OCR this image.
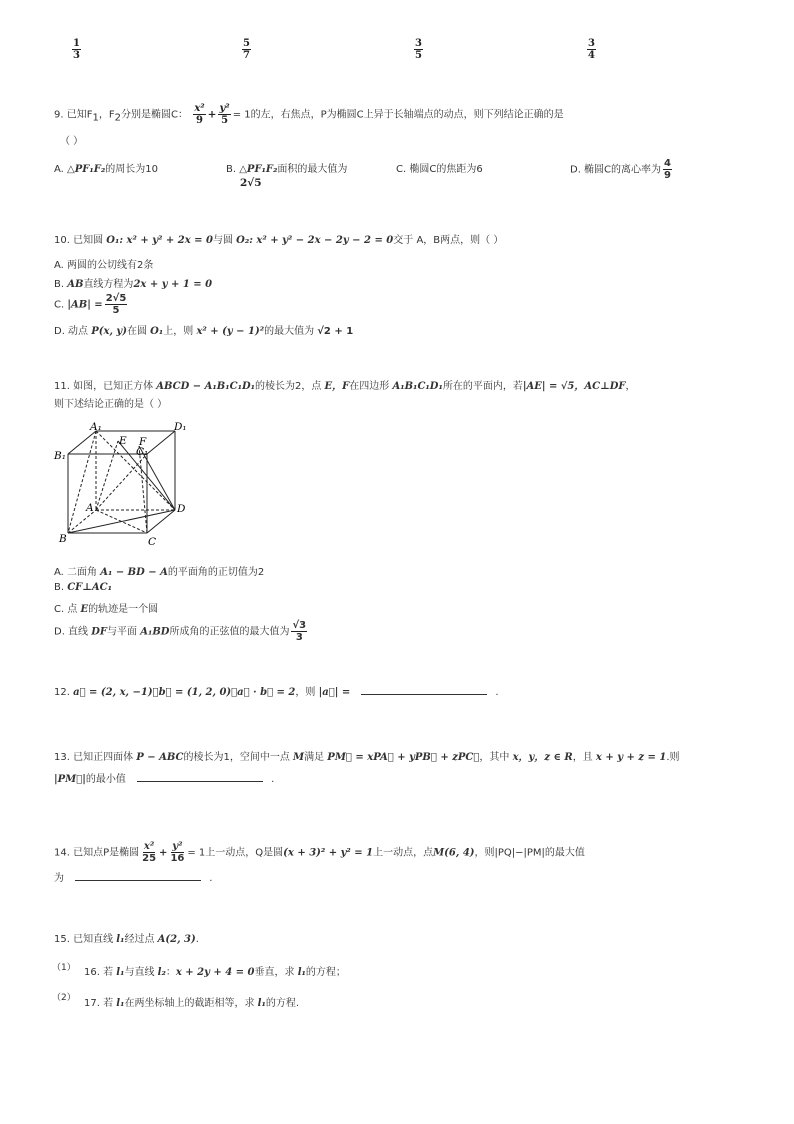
$\frac{1}{3}$	$\frac{5}{7}$	$\frac{3}{5}$	$\frac{3}{4}$
9. 已知$F_1$，$F_2$分别是椭圆C： $\frac{\text{x²}}{9} + \frac{\text{y²}}{5} = 1$的左，右焦点，P为椭圆C上异于长轴端点的动点，则下列结论正确的是
（ ）
A. △PF₁F₂的周长为10	B. △PF₁F₂面积的最大值为
2√5
C. 椭圆C的焦距为6	D. 椭圆C的离心率为 $\frac{4}{9}$
10. 已知圆 O₁: x² + y² + 2x = 0与圆 O₂: x² + y² − 2x − 2y − 2 = 0交于 A，B两点，则（ ）
A. 两圆的公切线有2条
B. AB直线方程为2x + y + 1 = 0
C. $|AB| = \frac{2√5}{5}$
D. 动点 P(x, y)在圆 O₁上，则 x² + (y − 1)²的最大值为 √2 + 1
11. 如图，已知正方体 ABCD − A₁B₁C₁D₁的棱长为2，点 E，F在四边形 A₁B₁C₁D₁所在的平面内，若|AE| = √5，AC⊥DF，
则下述结论正确的是（ ）
A₁	D₁
B₁
E F
C₁
A	D
B	C
A. 二面角 A₁ − BD − A的平面角的正切值为2
B. CF⊥AC₁
C. 点 E的轨迹是一个圆
D. 直线 DF与平面 A₁BD所成角的正弦值的最大值为 $\frac{√3}{3}$
12. a⃗ = (2, x, −1)，b⃗ = (1, 2, 0)，a⃗ · b⃗ = 2，则 |a⃗| =	.
13. 已知正四面体 P − ABC的棱长为1，空间中一点 M满足 PM⃗ = xPA⃗ + yPB⃗ + zPC⃗，其中 x，y，z ∈ R，且 x + y + z = 1.则
|PM⃗|的最小值	.
14. 已知点P是椭圆 $\frac{\text{x²}}{25} + \frac{\text{y²}}{16} = 1$上一动点，Q是圆(x + 3)² + y² = 1上一动点，点M(6, 4)，则|PQ|−|PM|的最大值
为	.
15. 已知直线 l₁经过点 A(2, 3).
（1） 16. 若 l₁与直线 l₂：x + 2y + 4 = 0垂直，求 l₁的方程；
（2） 17. 若 l₁在两坐标轴上的截距相等，求 l₁的方程.
